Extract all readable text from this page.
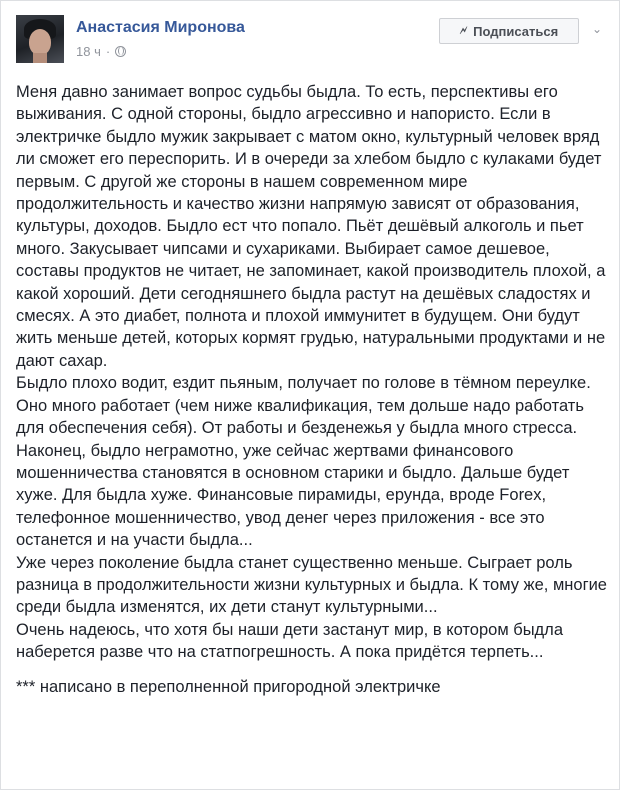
Анастасия Миронова
18 ч ·
🗲 Подписаться	⌄

Меня давно занимает вопрос судьбы быдла. То есть, перспективы его выживания. С одной стороны, быдло агрессивно и напористо. Если в электричке быдло мужик закрывает с матом окно, культурный человек вряд ли сможет его переспорить. И в очереди за хлебом быдло с кулаками будет первым. С другой же стороны в нашем современном мире продолжительность и качество жизни напрямую зависят от образования, культуры, доходов. Быдло ест что попало. Пьёт дешёвый алкоголь и пьет много. Закусывает чипсами и сухариками. Выбирает самое дешевое, составы продуктов не читает, не запоминает, какой производитель плохой, а какой хороший. Дети сегодняшнего быдла растут на дешёвых сладостях и смесях. А это диабет, полнота и плохой иммунитет в будущем. Они будут жить меньше детей, которых кормят грудью, натуральными продуктами и не дают сахар.

Быдло плохо водит, ездит пьяным, получает по голове в тёмном переулке. Оно много работает (чем ниже квалификация, тем дольше надо работать для обеспечения себя). От работы и безденежья у быдла много стресса. Наконец, быдло неграмотно, уже сейчас жертвами финансового мошенничества становятся в основном старики и быдло. Дальше будет хуже. Для быдла хуже. Финансовые пирамиды, ерунда, вроде Forex, телефонное мошенничество, увод денег через приложения - все это останется и на участи быдла...

Уже через поколение быдла станет существенно меньше. Сыграет роль разница в продолжительности жизни культурных и быдла. К тому же, многие среди быдла изменятся, их дети станут культурными...

Очень надеюсь, что хотя бы наши дети застанут мир, в котором быдла наберется разве что на статпогрешность. А пока придётся терпеть...

*** написано в переполненной пригородной электричке
